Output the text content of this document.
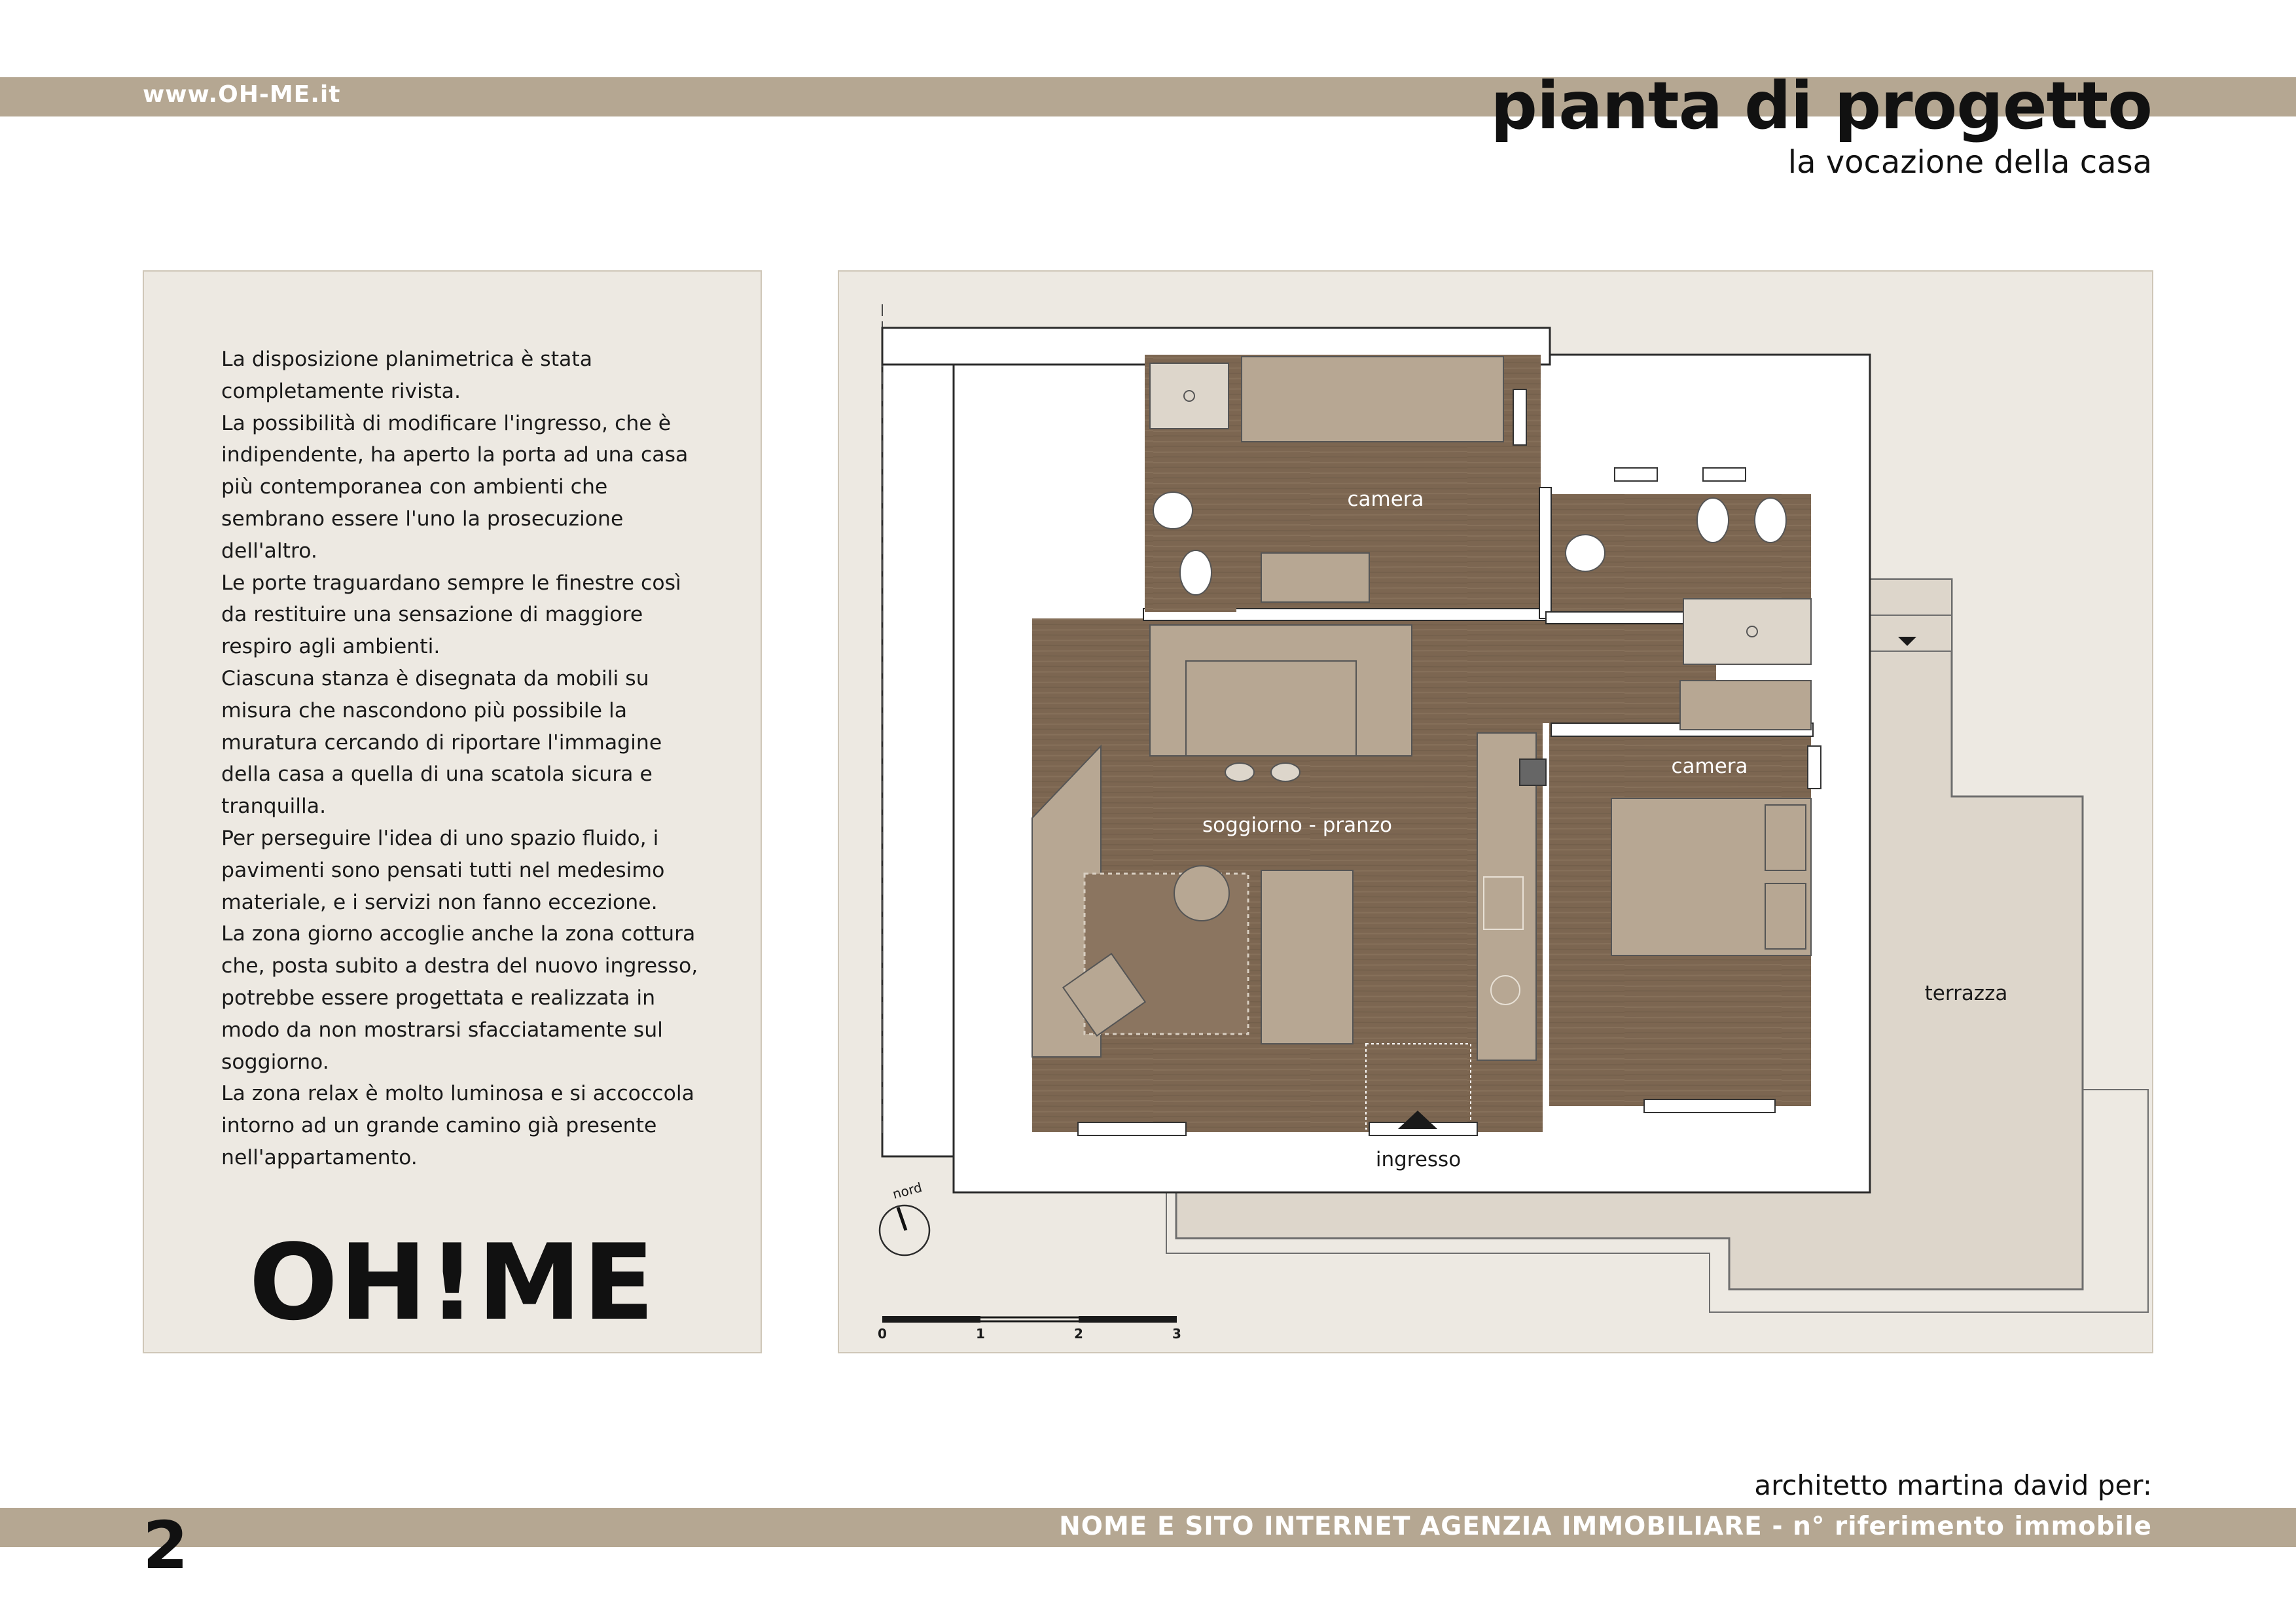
www.OH-ME.it	pianta di progetto
la vocazione della casa

La disposizione planimetrica è stata completamente rivista.

La possibilità di modificare l'ingresso, che è indipendente, ha aperto la porta ad una casa più contemporanea con ambienti che sembrano essere l'uno la prosecuzione dell'altro.

Le porte traguardano sempre le finestre così da restituire una sensazione di maggiore respiro agli ambienti.

Ciascuna stanza è disegnata da mobili su misura che nascondono più possibile la muratura cercando di riportare l'immagine della casa a quella di una scatola sicura e tranquilla.

Per perseguire l'idea di uno spazio fluido, i pavimenti sono pensati tutti nel medesimo materiale, e i servizi non fanno eccezione.

La zona giorno accoglie anche la zona cottura che, posta subito a destra del nuovo ingresso, potrebbe essere progettata e realizzata in modo da non mostrarsi sfacciatamente sul soggiorno.

La zona relax è molto luminosa e si accoccola intorno ad un grande camino già presente nell'appartamento.

OH!ME
camera
camera
soggiorno - pranzo
terrazza
ingresso
nord
0	1	2	3
architetto martina david per:
NOME E SITO INTERNET AGENZIA IMMOBILIARE - n° riferimento immobile
2
